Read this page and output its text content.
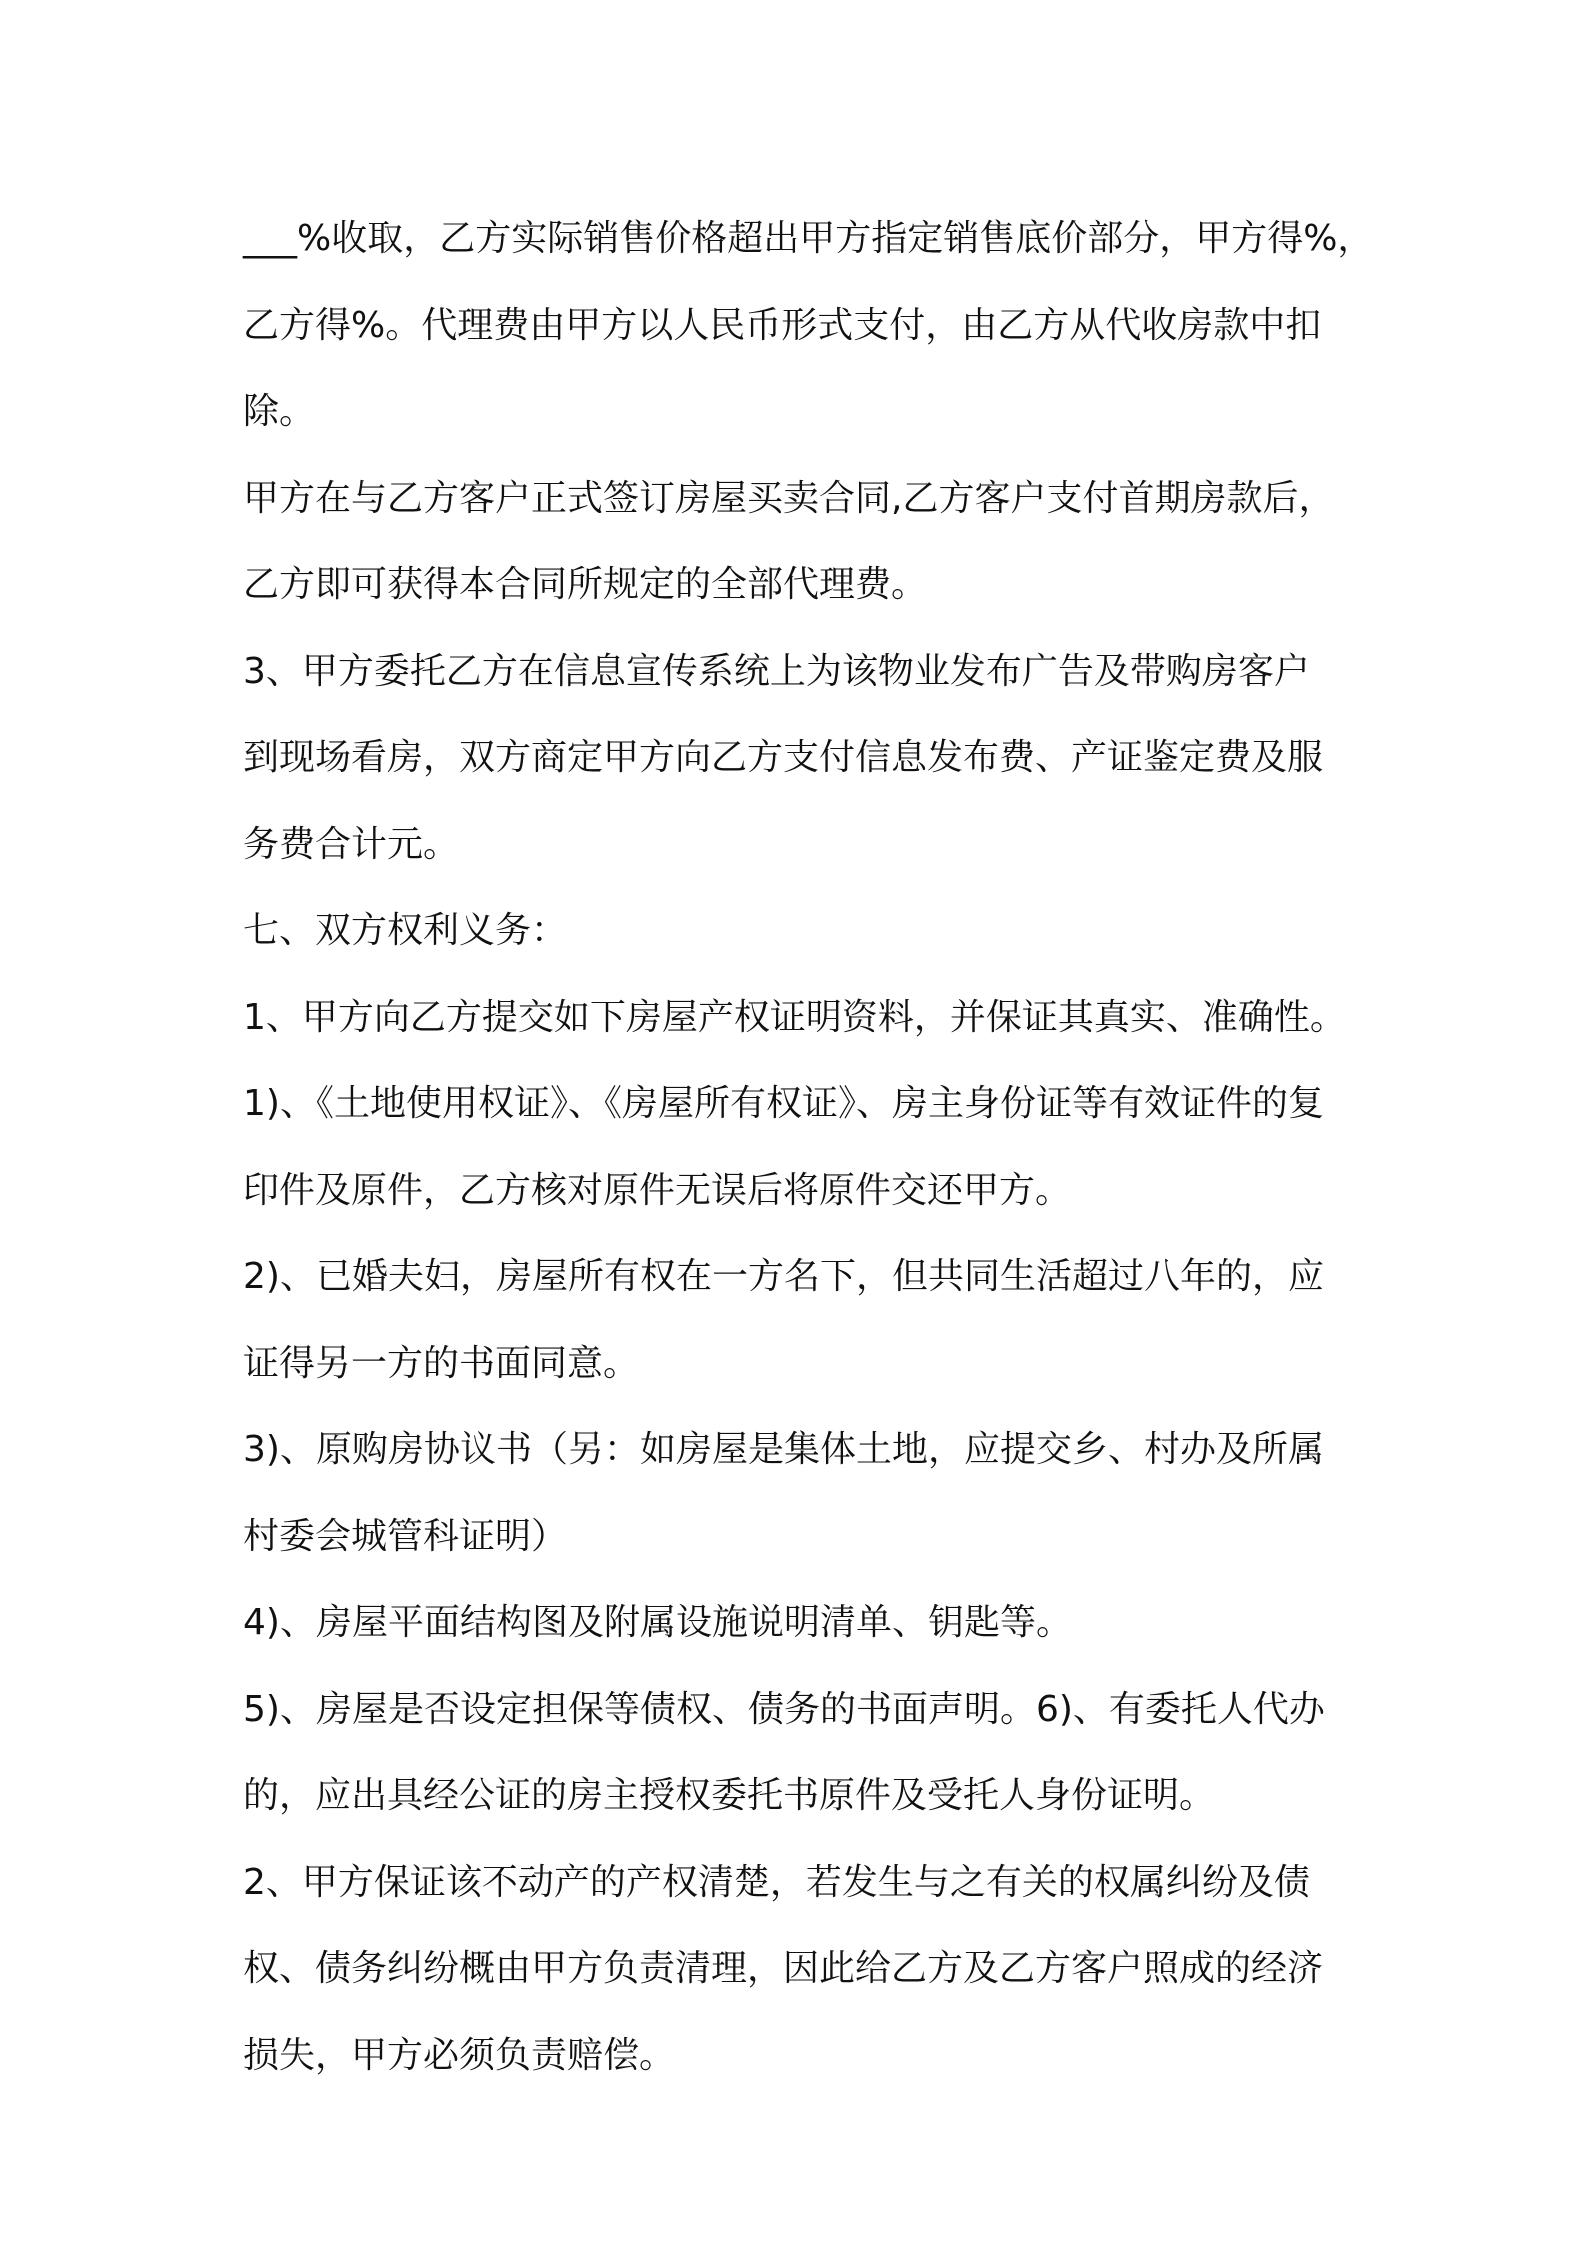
___%收取，乙方实际销售价格超出甲方指定销售底价部分，甲方得%，
乙方得%。代理费由甲方以人民币形式支付，由乙方从代收房款中扣
除。
甲方在与乙方客户正式签订房屋买卖合同,乙方客户支付首期房款后，
乙方即可获得本合同所规定的全部代理费。
3、甲方委托乙方在信息宣传系统上为该物业发布广告及带购房客户
到现场看房，双方商定甲方向乙方支付信息发布费、产证鉴定费及服
务费合计元。
七、双方权利义务：
1、甲方向乙方提交如下房屋产权证明资料，并保证其真实、准确性。
1)、《土地使用权证》、《房屋所有权证》、房主身份证等有效证件的复
印件及原件，乙方核对原件无误后将原件交还甲方。
2)、已婚夫妇，房屋所有权在一方名下，但共同生活超过八年的，应
证得另一方的书面同意。
3)、原购房协议书（另：如房屋是集体土地，应提交乡、村办及所属
村委会城管科证明）
4)、房屋平面结构图及附属设施说明清单、钥匙等。
5)、房屋是否设定担保等债权、债务的书面声明。6)、有委托人代办
的，应出具经公证的房主授权委托书原件及受托人身份证明。
2、甲方保证该不动产的产权清楚，若发生与之有关的权属纠纷及债
权、债务纠纷概由甲方负责清理，因此给乙方及乙方客户照成的经济
损失，甲方必须负责赔偿。
